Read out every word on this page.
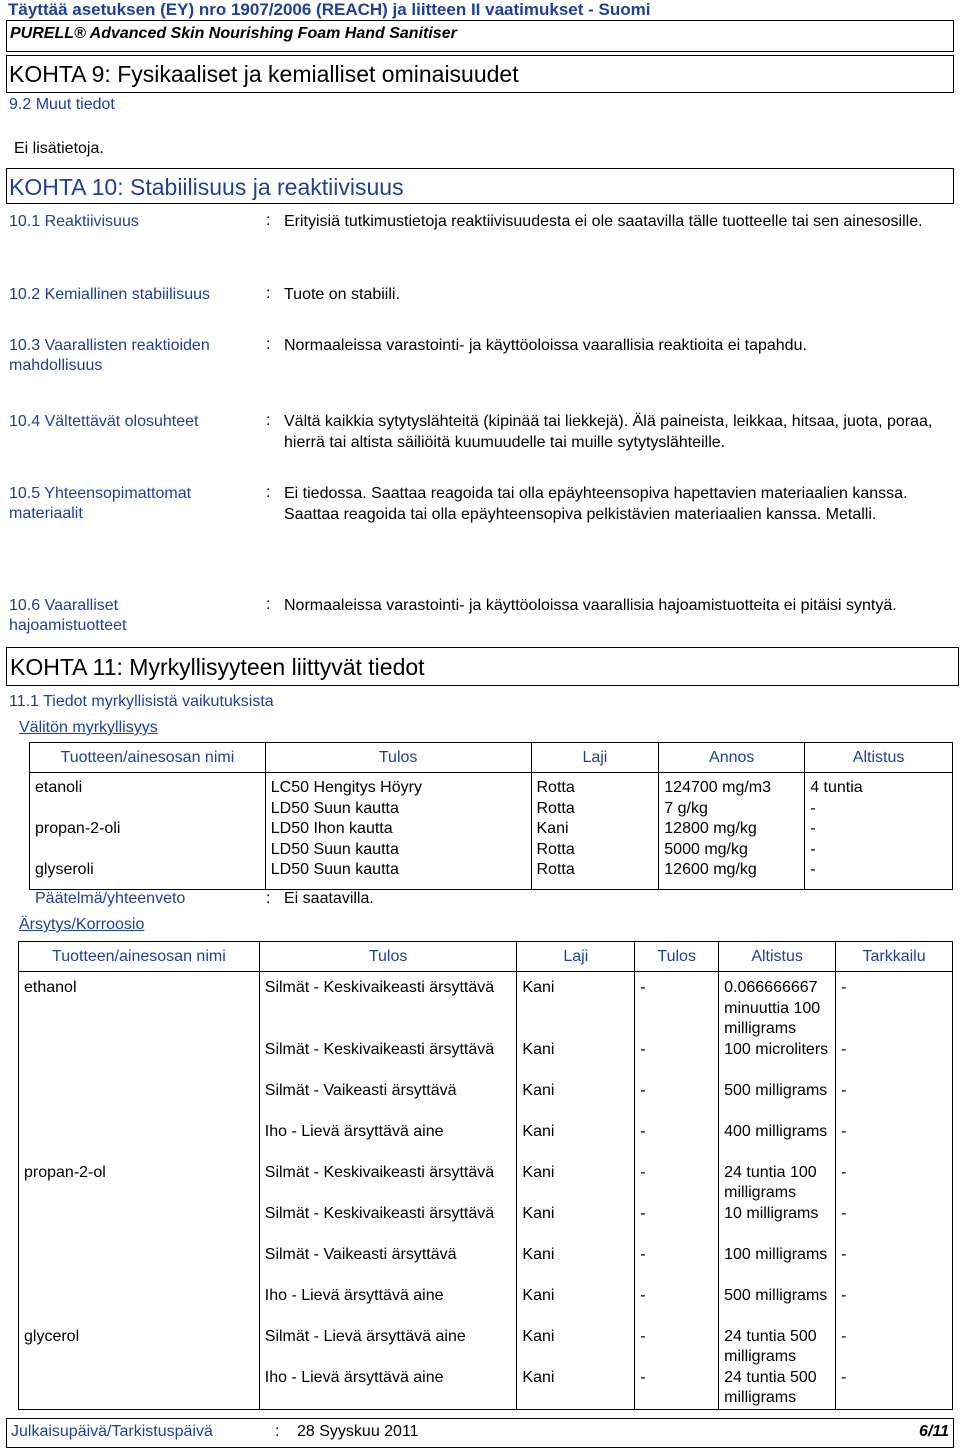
Täyttää asetuksen (EY) nro 1907/2006 (REACH) ja liitteen II vaatimukset - Suomi
PURELL® Advanced Skin Nourishing Foam Hand Sanitiser
KOHTA 9: Fysikaaliset ja kemialliset ominaisuudet
9.2 Muut tiedot
Ei lisätietoja.
KOHTA 10: Stabiilisuus ja reaktiivisuus
10.1 Reaktiivisuus	: Erityisiä tutkimustietoja reaktiivisuudesta ei ole saatavilla tälle tuotteelle tai sen ainesosille.
10.2 Kemiallinen stabiilisuus	: Tuote on stabiili.
10.3 Vaarallisten reaktioiden mahdollisuus
: Normaaleissa varastointi- ja käyttöoloissa vaarallisia reaktioita ei tapahdu.
10.4 Vältettävät olosuhteet	: Vältä kaikkia sytytyslähteitä (kipinää tai liekkejä). Älä paineista, leikkaa, hitsaa, juota, poraa, hierrä tai altista säiliöitä kuumuudelle tai muille sytytyslähteille.
10.5 Yhteensopimattomat materiaalit
: Ei tiedossa. Saattaa reagoida tai olla epäyhteensopiva hapettavien materiaalien kanssa. Saattaa reagoida tai olla epäyhteensopiva pelkistävien materiaalien kanssa. Metalli.
10.6 Vaaralliset hajoamistuotteet
: Normaaleissa varastointi- ja käyttöoloissa vaarallisia hajoamistuotteita ei pitäisi syntyä.
KOHTA 11: Myrkyllisyyteen liittyvät tiedot
11.1 Tiedot myrkyllisistä vaikutuksista
Välitön myrkyllisyys
Tuotteen/ainesosan nimi	Tulos	Laji	Annos	Altistus
etanoli	LC50 Hengitys Höyry	Rotta	124700 mg/m3	4 tuntia
	LD50 Suun kautta	Rotta	7 g/kg	-
propan-2-oli	LD50 Ihon kautta	Kani	12800 mg/kg	-
	LD50 Suun kautta	Rotta	5000 mg/kg	-
glyseroli	LD50 Suun kautta	Rotta	12600 mg/kg	-
Päätelmä/yhteenveto	: Ei saatavilla.
Ärsytys/Korroosio
Tuotteen/ainesosan nimi	Tulos	Laji	Tulos	Altistus	Tarkkailu
ethanol	Silmät - Keskivaikeasti ärsyttävä	Kani	-	0.066666667 minuuttia 100 milligrams	-
	Silmät - Keskivaikeasti ärsyttävä	Kani	-	100 microliters	-
	Silmät - Vaikeasti ärsyttävä	Kani	-	500 milligrams	-
	Iho - Lievä ärsyttävä aine	Kani	-	400 milligrams	-
propan-2-ol	Silmät - Keskivaikeasti ärsyttävä	Kani	-	24 tuntia 100 milligrams	-
	Silmät - Keskivaikeasti ärsyttävä	Kani	-	10 milligrams	-
	Silmät - Vaikeasti ärsyttävä	Kani	-	100 milligrams	-
	Iho - Lievä ärsyttävä aine	Kani	-	500 milligrams	-
glycerol	Silmät - Lievä ärsyttävä aine	Kani	-	24 tuntia 500 milligrams	-
	Iho - Lievä ärsyttävä aine	Kani	-	24 tuntia 500 milligrams	-
Julkaisupäivä/Tarkistuspäivä	: 28 Syyskuu 2011	6/11
